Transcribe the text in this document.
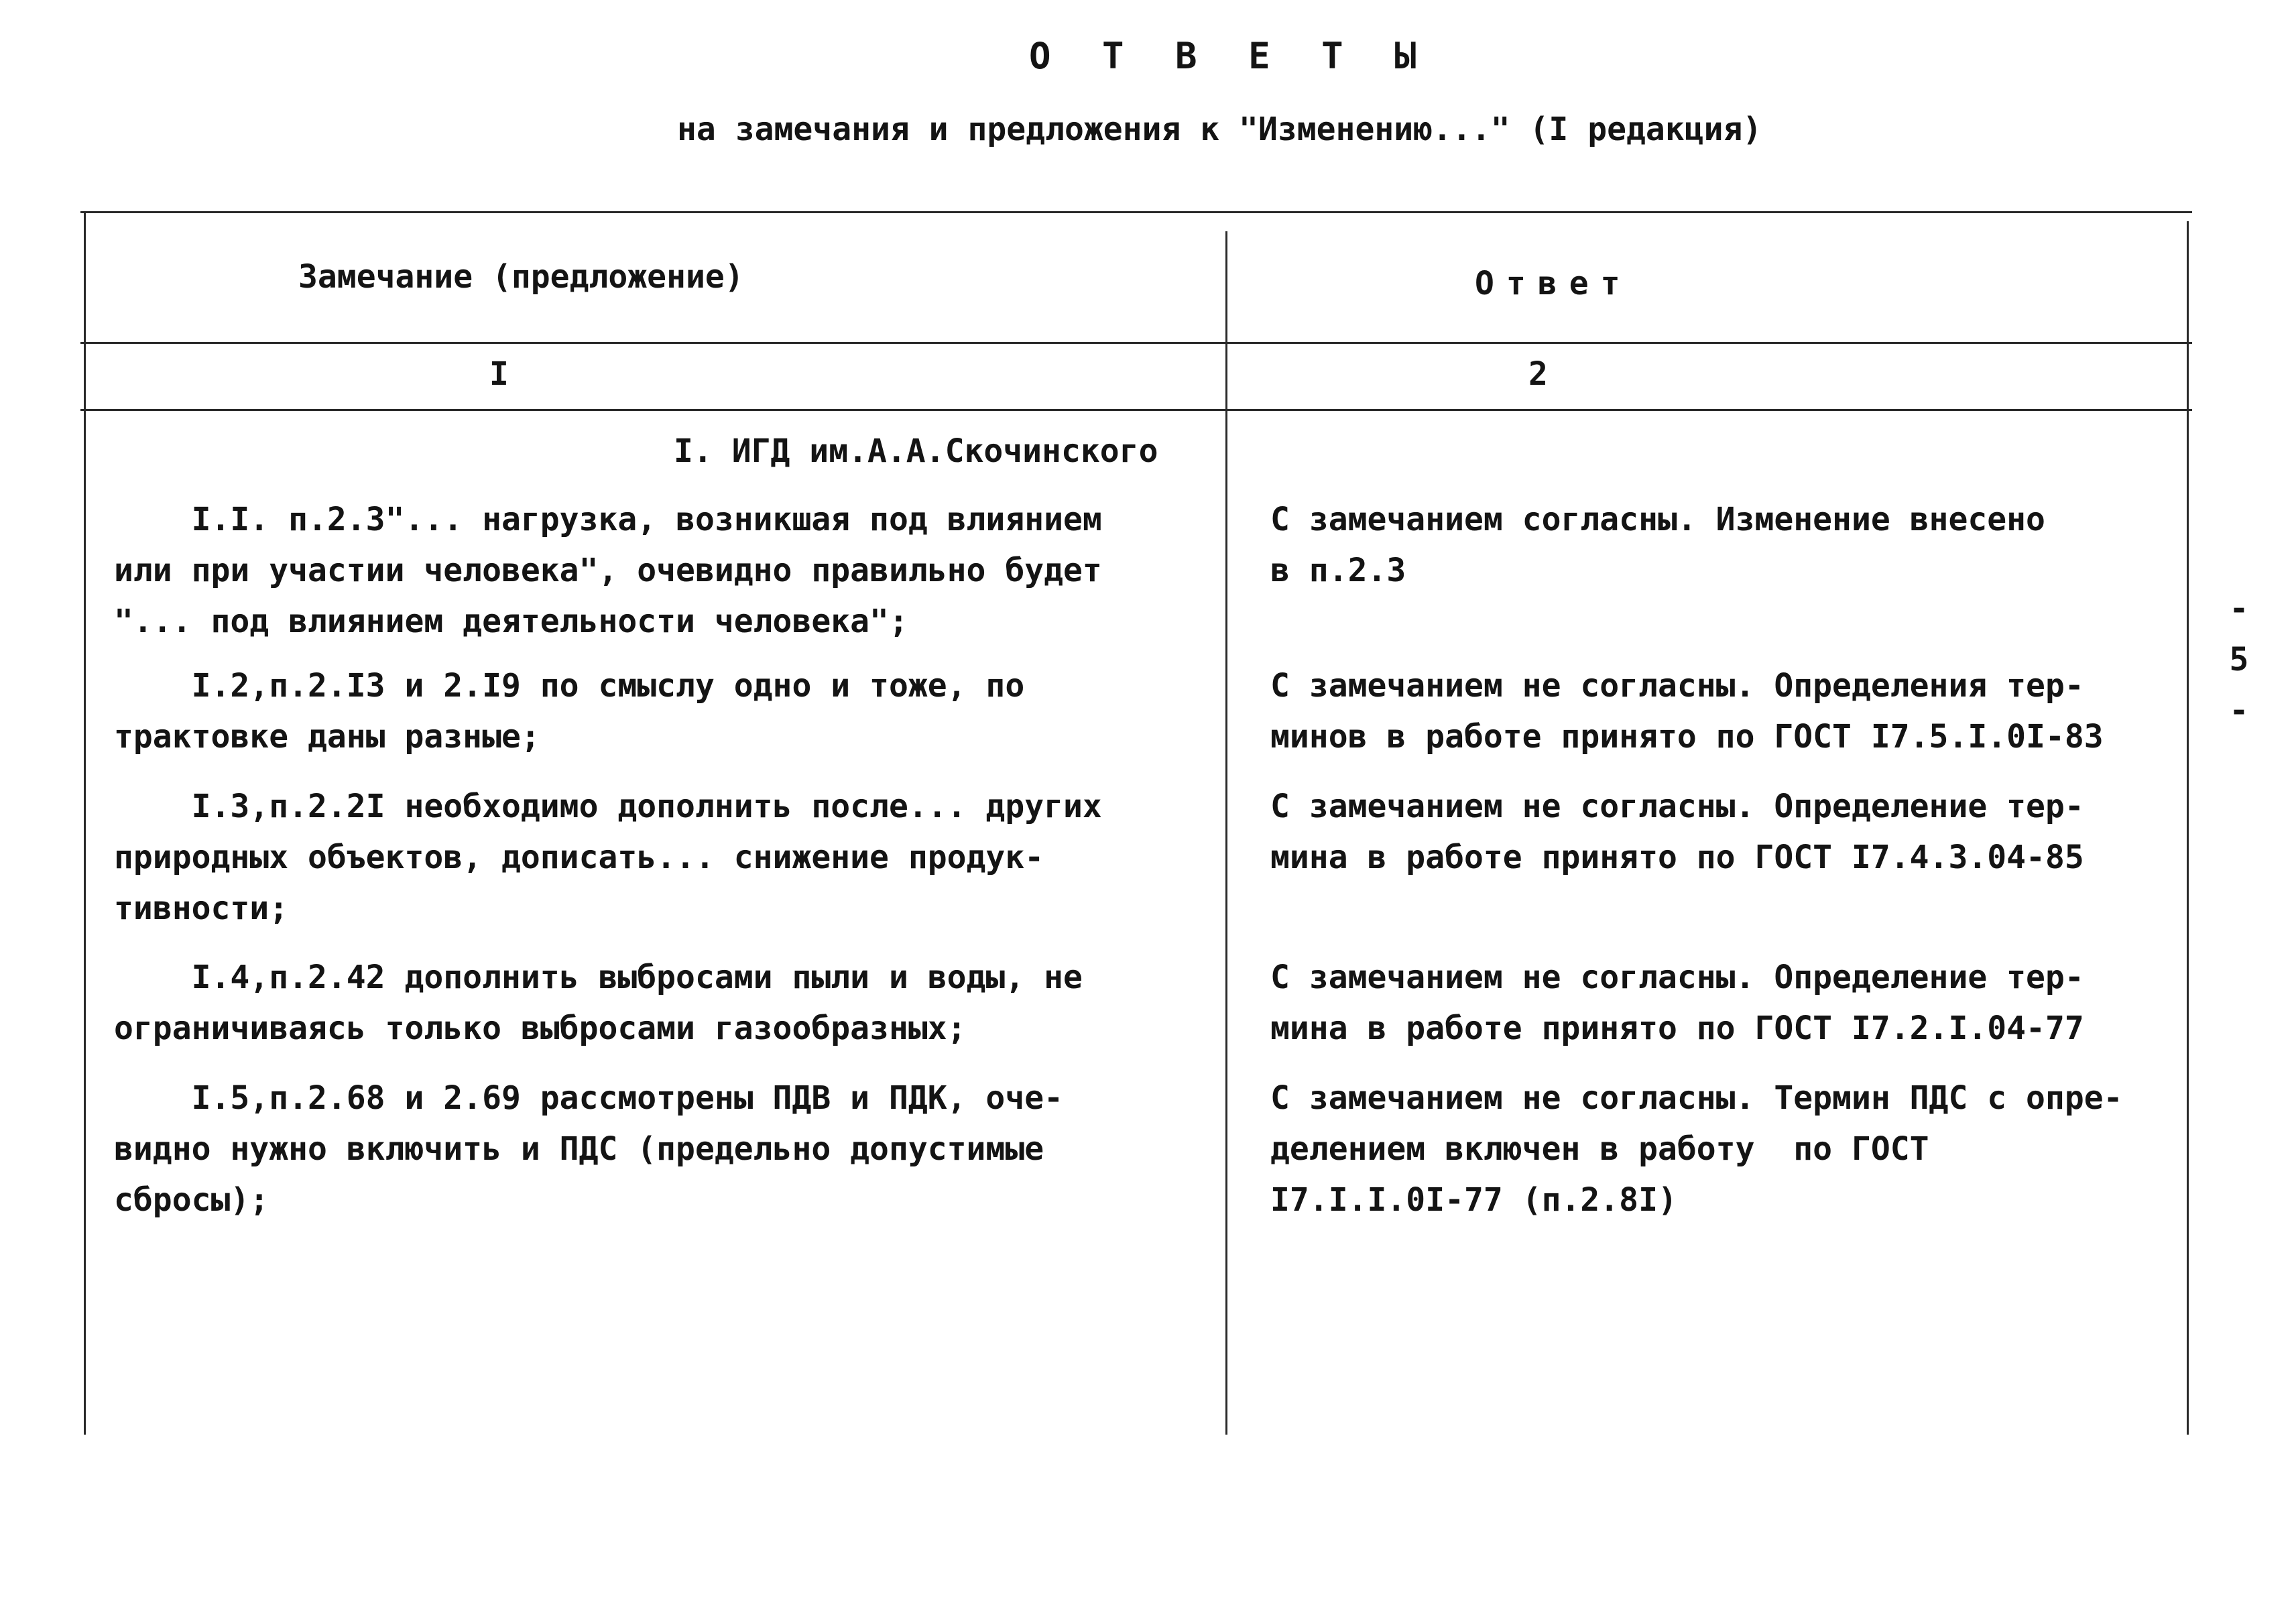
О Т В Е Т Ы
на замечания и предложения к "Изменению..." (I редакция)
Замечание (предложение)	Ответ
I	2
I. ИГД им.А.А.Скочинского
I.I. п.2.3"... нагрузка, возникшая под влиянием
или при участии человека", очевидно правильно будет
"... под влиянием деятельности человека";
С замечанием согласны. Изменение внесено
в п.2.3
I.2,п.2.I3 и 2.I9 по смыслу одно и тоже, по
трактовке даны разные;
С замечанием не согласны. Определения тер-
минов в работе принято по ГОСТ I7.5.I.0I-83
I.3,п.2.2I необходимо дополнить после... других
природных объектов, дописать... снижение продук-
тивности;
С замечанием не согласны. Определение тер-
мина в работе принято по ГОСТ I7.4.3.04-85
I.4,п.2.42 дополнить выбросами пыли и воды, не
ограничиваясь только выбросами газообразных;
С замечанием не согласны. Определение тер-
мина в работе принято по ГОСТ I7.2.I.04-77
I.5,п.2.68 и 2.69 рассмотрены ПДВ и ПДК, оче-
видно нужно включить и ПДС (предельно допустимые
сбросы);
С замечанием не согласны. Термин ПДС с опре-
делением включен в работу  по ГОСТ
I7.I.I.0I-77 (п.2.8I)
-
5
-
